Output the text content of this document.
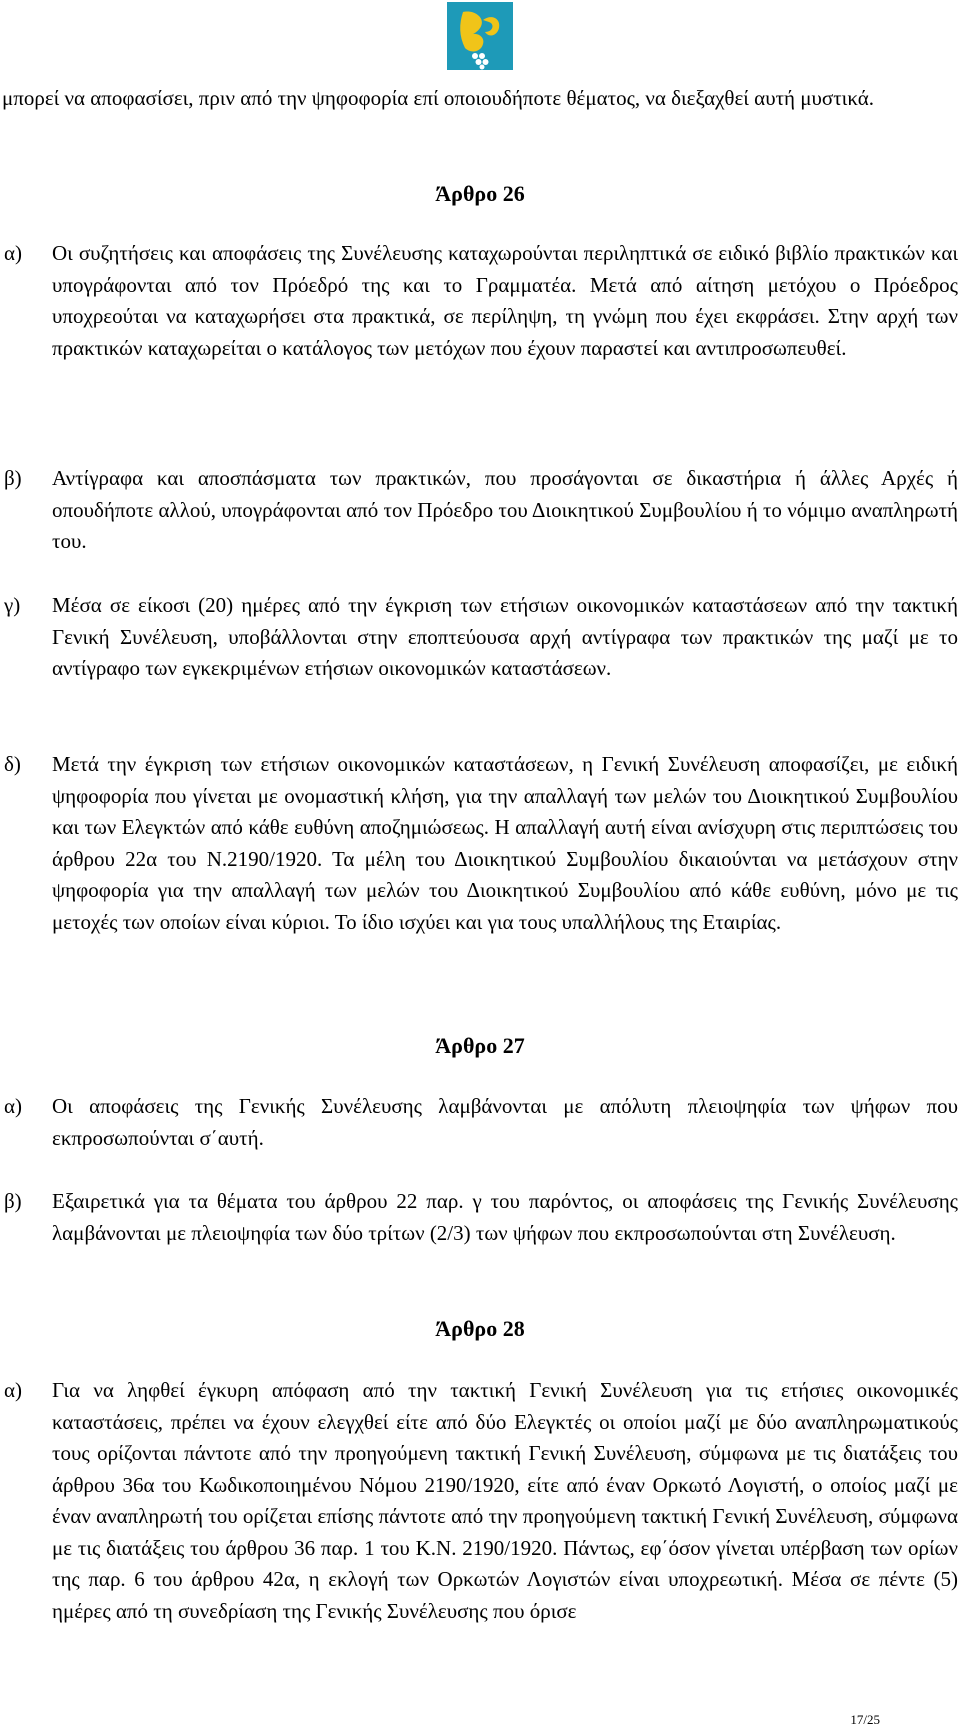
μπορεί να αποφασίσει, πριν από την ψηφοφορία επί οποιουδήποτε θέματος, να διεξαχθεί αυτή μυστικά.

Άρθρο 26

α) Οι συζητήσεις και αποφάσεις της Συνέλευσης καταχωρούνται περιληπτικά σε ειδικό βιβλίο πρακτικών και υπογράφονται από τον Πρόεδρό της και το Γραμματέα. Μετά από αίτηση μετόχου ο Πρόεδρος υποχρεούται να καταχωρήσει στα πρακτικά, σε περίληψη, τη γνώμη που έχει εκφράσει. Στην αρχή των πρακτικών καταχωρείται ο κατάλογος των μετόχων που έχουν παραστεί και αντιπροσωπευθεί.

β) Αντίγραφα και αποσπάσματα των πρακτικών, που προσάγονται σε δικαστήρια ή άλλες Αρχές ή οπουδήποτε αλλού, υπογράφονται από τον Πρόεδρο του Διοικητικού Συμβουλίου ή το νόμιμο αναπληρωτή του.

γ) Μέσα σε είκοσι (20) ημέρες από την έγκριση των ετήσιων οικονομικών καταστάσεων από την τακτική Γενική Συνέλευση, υποβάλλονται στην εποπτεύουσα αρχή αντίγραφα των πρακτικών της μαζί με το αντίγραφο των εγκεκριμένων ετήσιων οικονομικών καταστάσεων.

δ) Μετά την έγκριση των ετήσιων οικονομικών καταστάσεων, η Γενική Συνέλευση αποφασίζει, με ειδική ψηφοφορία που γίνεται με ονομαστική κλήση, για την απαλλαγή των μελών του Διοικητικού Συμβουλίου και των Ελεγκτών από κάθε ευθύνη αποζημιώσεως. Η απαλλαγή αυτή είναι ανίσχυρη στις περιπτώσεις του άρθρου 22α του Ν.2190/1920. Τα μέλη του Διοικητικού Συμβουλίου δικαιούνται να μετάσχουν στην ψηφοφορία για την απαλλαγή των μελών του Διοικητικού Συμβουλίου από κάθε ευθύνη, μόνο με τις μετοχές των οποίων είναι κύριοι. Το ίδιο ισχύει και για τους υπαλλήλους της Εταιρίας.

Άρθρο 27

α) Οι αποφάσεις της Γενικής Συνέλευσης λαμβάνονται με απόλυτη πλειοψηφία των ψήφων που εκπροσωπούνται σ΄αυτή.

β) Εξαιρετικά για τα θέματα του άρθρου 22 παρ. γ του παρόντος, οι αποφάσεις της Γενικής Συνέλευσης λαμβάνονται με πλειοψηφία των δύο τρίτων (2/3) των ψήφων που εκπροσωπούνται στη Συνέλευση.

Άρθρο 28

α) Για να ληφθεί έγκυρη απόφαση από την τακτική Γενική Συνέλευση για τις ετήσιες οικονομικές καταστάσεις, πρέπει να έχουν ελεγχθεί είτε από δύο Ελεγκτές οι οποίοι μαζί με δύο αναπληρωματικούς τους ορίζονται πάντοτε από την προηγούμενη τακτική Γενική Συνέλευση, σύμφωνα με τις διατάξεις του άρθρου 36α του Κωδικοποιημένου Νόμου 2190/1920, είτε από έναν Ορκωτό Λογιστή, ο οποίος μαζί με έναν αναπληρωτή του ορίζεται επίσης πάντοτε από την προηγούμενη τακτική Γενική Συνέλευση, σύμφωνα με τις διατάξεις του άρθρου 36 παρ. 1 του Κ.Ν. 2190/1920. Πάντως, εφ΄όσον γίνεται υπέρβαση των ορίων της παρ. 6 του άρθρου 42α, η εκλογή των Ορκωτών Λογιστών είναι υποχρεωτική. Μέσα σε πέντε (5) ημέρες από τη συνεδρίαση της Γενικής Συνέλευσης που όρισε

17/25
